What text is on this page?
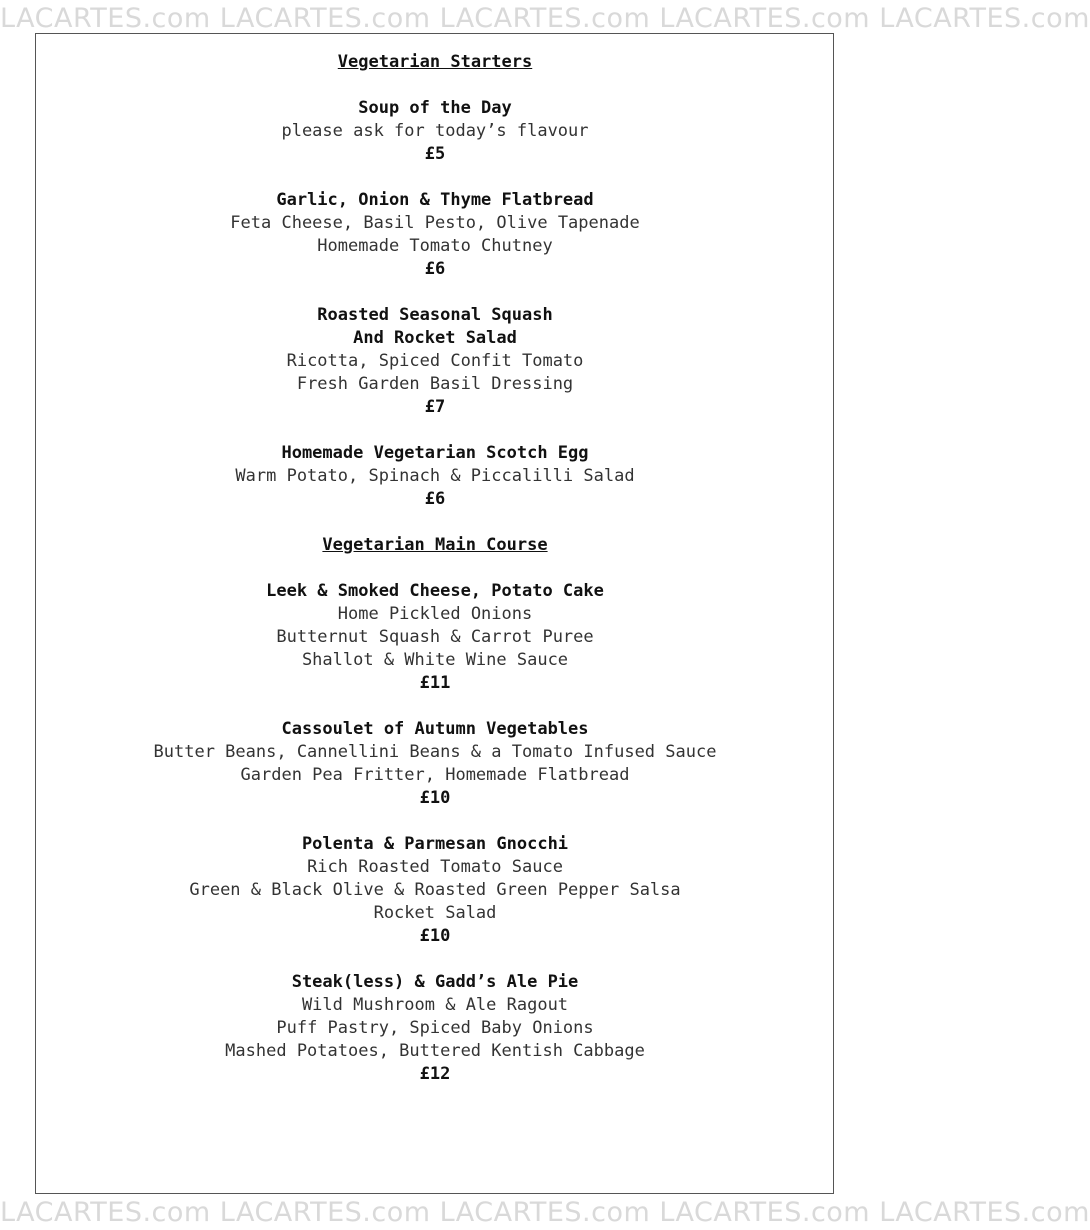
LACARTES.com LACARTES.com LACARTES.com LACARTES.com LACARTES.com
Vegetarian Starters
Soup of the Day
please ask for today’s flavour
£5
Garlic, Onion & Thyme Flatbread
Feta Cheese, Basil Pesto, Olive Tapenade
Homemade Tomato Chutney
£6
Roasted Seasonal Squash
And Rocket Salad
Ricotta, Spiced Confit Tomato
Fresh Garden Basil Dressing
£7
Homemade Vegetarian Scotch Egg
Warm Potato, Spinach & Piccalilli Salad
£6
Vegetarian Main Course
Leek & Smoked Cheese, Potato Cake
Home Pickled Onions
Butternut Squash & Carrot Puree
Shallot & White Wine Sauce
£11
Cassoulet of Autumn Vegetables
Butter Beans, Cannellini Beans & a Tomato Infused Sauce
Garden Pea Fritter, Homemade Flatbread
£10
Polenta & Parmesan Gnocchi
Rich Roasted Tomato Sauce
Green & Black Olive & Roasted Green Pepper Salsa
Rocket Salad
£10
Steak(less) & Gadd’s Ale Pie
Wild Mushroom & Ale Ragout
Puff Pastry, Spiced Baby Onions
Mashed Potatoes, Buttered Kentish Cabbage
£12
LACARTES.com LACARTES.com LACARTES.com LACARTES.com LACARTES.com
